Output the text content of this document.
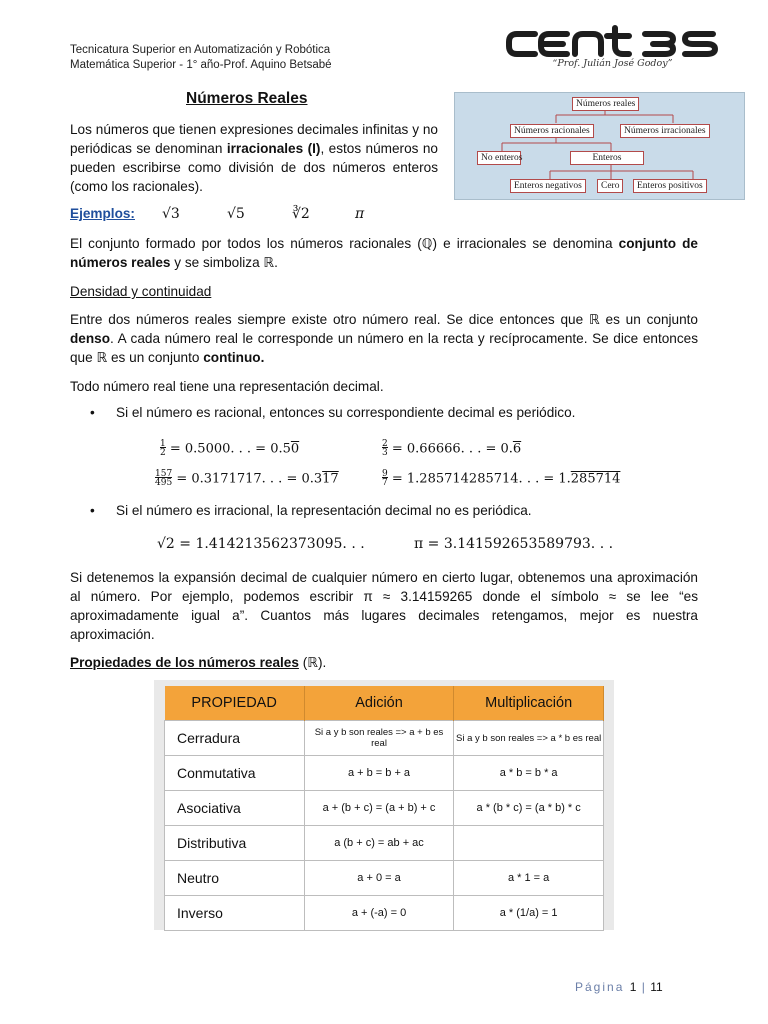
Tecnicatura Superior en Automatización y Robótica
Matemática Superior - 1° año-Prof. Aquino Betsabé	“Prof. Julián José Godoy”
Números Reales
Los números que tienen expresiones decimales infinitas y no periódicas se denominan irracionales (I), estos números no pueden escribirse como división de dos números enteros (como los racionales).
Números reales
Números racionales	Números irracionales
No enteros	Enteros
Enteros negativos	Cero	Enteros positivos
Ejemplos: √3	√5	∛2	π
El conjunto formado por todos los números racionales (ℚ) e irracionales se denomina conjunto de números reales y se simboliza ℝ.
Densidad y continuidad
Entre dos números reales siempre existe otro número real. Se dice entonces que ℝ es un conjunto denso. A cada número real le corresponde un número en la recta y recíprocamente. Se dice entonces que ℝ es un conjunto continuo.
Todo número real tiene una representación decimal.
• Si el número es racional, entonces su correspondiente decimal es periódico.
$\frac{1}{2} = 0.5000$. . . = 0.50	$\frac{2}{3} = 0.66666$. . . = 0.6
$\frac{157}{495} = 0.3171717$. . . = 0.317	$\frac{9}{7} = 1.285714285714$. . . = 1.285714
• Si el número es irracional, la representación decimal no es periódica.
√2 = 1.414213562373095. . .	π = 3.141592653589793. . .
Si detenemos la expansión decimal de cualquier número en cierto lugar, obtenemos una aproximación al número. Por ejemplo, podemos escribir π ≈ 3.14159265 donde el símbolo ≈ se lee “es aproximadamente igual a”. Cuantos más lugares decimales retengamos, mejor es nuestra aproximación.
Propiedades de los números reales (ℝ).
PROPIEDAD	Adición	Multiplicación
Cerradura	Si a y b son reales => a + b es real	Si a y b son reales => a * b es real
Conmutativa	a + b = b + a	a * b = b * a
Asociativa	a + (b + c) = (a + b) + c	a * (b * c) = (a * b) * c
Distributiva	a (b + c) = ab + ac	
Neutro	a + 0 = a	a * 1 = a
Inverso	a + (-a) = 0	a * (1/a) = 1
Página 1 | 11
